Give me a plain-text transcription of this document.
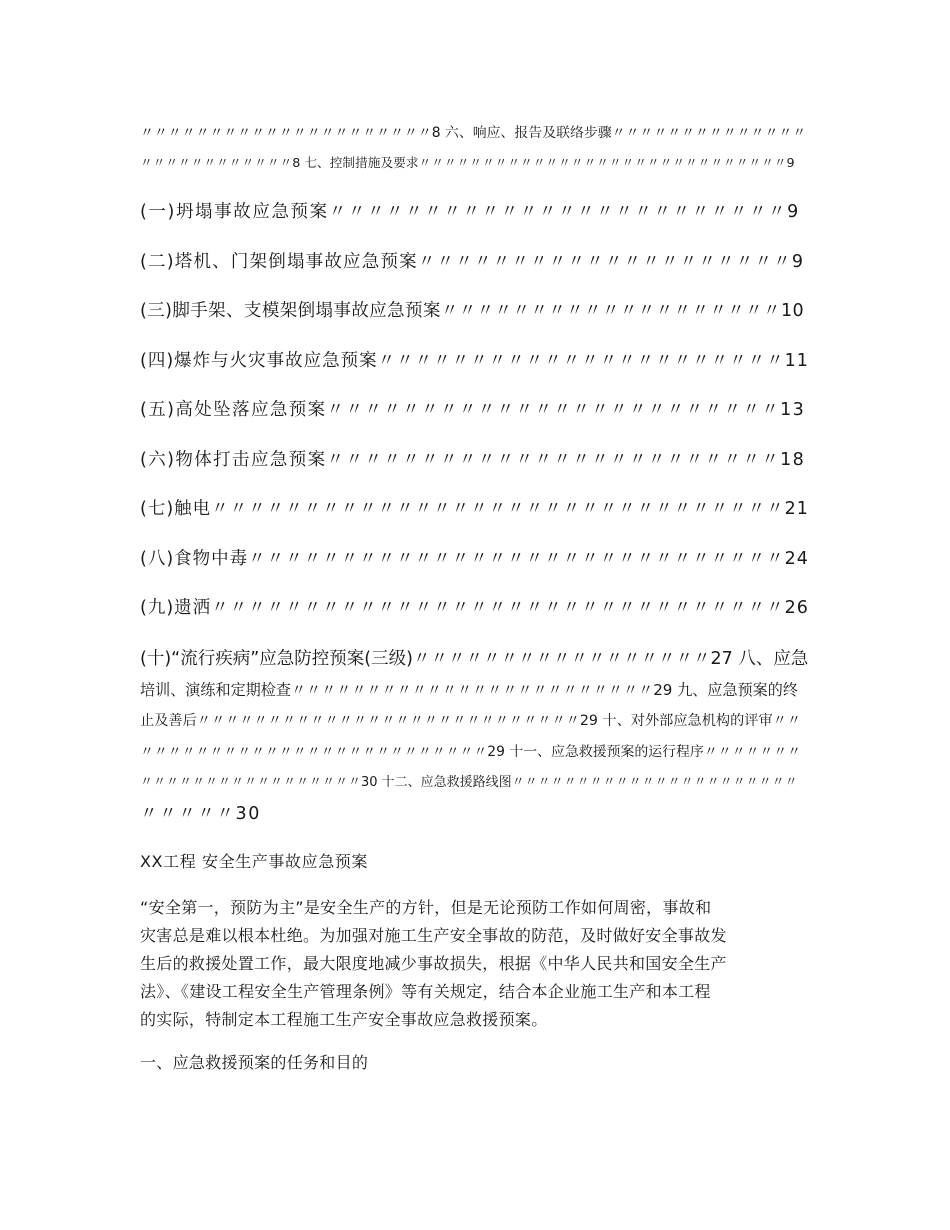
〃〃〃〃〃〃〃〃〃〃〃〃〃〃〃〃〃〃〃〃〃8 六、响应、报告及联络步骤〃〃〃〃〃〃〃〃〃〃〃〃〃〃
〃〃〃〃〃〃〃〃〃〃〃〃8 七、控制措施及要求〃〃〃〃〃〃〃〃〃〃〃〃〃〃〃〃〃〃〃〃〃〃〃〃〃〃〃〃〃9
(一)坍塌事故应急预案〃〃〃〃〃〃〃〃〃〃〃〃〃〃〃〃〃〃〃〃〃〃〃〃9
(二)塔机、门架倒塌事故应急预案〃〃〃〃〃〃〃〃〃〃〃〃〃〃〃〃〃〃〃〃9
(三)脚手架、支模架倒塌事故应急预案〃〃〃〃〃〃〃〃〃〃〃〃〃〃〃〃〃〃〃10
(四)爆炸与火灾事故应急预案〃〃〃〃〃〃〃〃〃〃〃〃〃〃〃〃〃〃〃〃〃〃11
(五)高处坠落应急预案〃〃〃〃〃〃〃〃〃〃〃〃〃〃〃〃〃〃〃〃〃〃〃〃13
(六)物体打击应急预案〃〃〃〃〃〃〃〃〃〃〃〃〃〃〃〃〃〃〃〃〃〃〃〃18
(七)触电〃〃〃〃〃〃〃〃〃〃〃〃〃〃〃〃〃〃〃〃〃〃〃〃〃〃〃〃〃〃〃21
(八)食物中毒〃〃〃〃〃〃〃〃〃〃〃〃〃〃〃〃〃〃〃〃〃〃〃〃〃〃〃〃〃24
(九)遗洒〃〃〃〃〃〃〃〃〃〃〃〃〃〃〃〃〃〃〃〃〃〃〃〃〃〃〃〃〃〃〃26
(十)“流行疾病”应急防控预案(三级)〃〃〃〃〃〃〃〃〃〃〃〃〃〃〃〃〃27 八、应急
培训、演练和定期检查〃〃〃〃〃〃〃〃〃〃〃〃〃〃〃〃〃〃〃〃〃〃〃〃29 九、应急预案的终
止及善后〃〃〃〃〃〃〃〃〃〃〃〃〃〃〃〃〃〃〃〃〃〃〃〃〃〃〃29 十、对外部应急机构的评审〃〃
〃〃〃〃〃〃〃〃〃〃〃〃〃〃〃〃〃〃〃〃〃〃〃〃〃29 十一、应急救援预案的运行程序〃〃〃〃〃〃〃
〃〃〃〃〃〃〃〃〃〃〃〃〃〃〃〃〃30 十二、应急救援路线图〃〃〃〃〃〃〃〃〃〃〃〃〃〃〃〃〃〃〃〃〃〃
〃〃〃〃〃30
XX工程 安全生产事故应急预案
“安全第一，预防为主”是安全生产的方针，但是无论预防工作如何周密，事故和
灾害总是难以根本杜绝。为加强对施工生产安全事故的防范，及时做好安全事故发
生后的救援处置工作，最大限度地减少事故损失，根据《中华人民共和国安全生产
法》、《建设工程安全生产管理条例》等有关规定，结合本企业施工生产和本工程
的实际，特制定本工程施工生产安全事故应急救援预案。
一、应急救援预案的任务和目的
